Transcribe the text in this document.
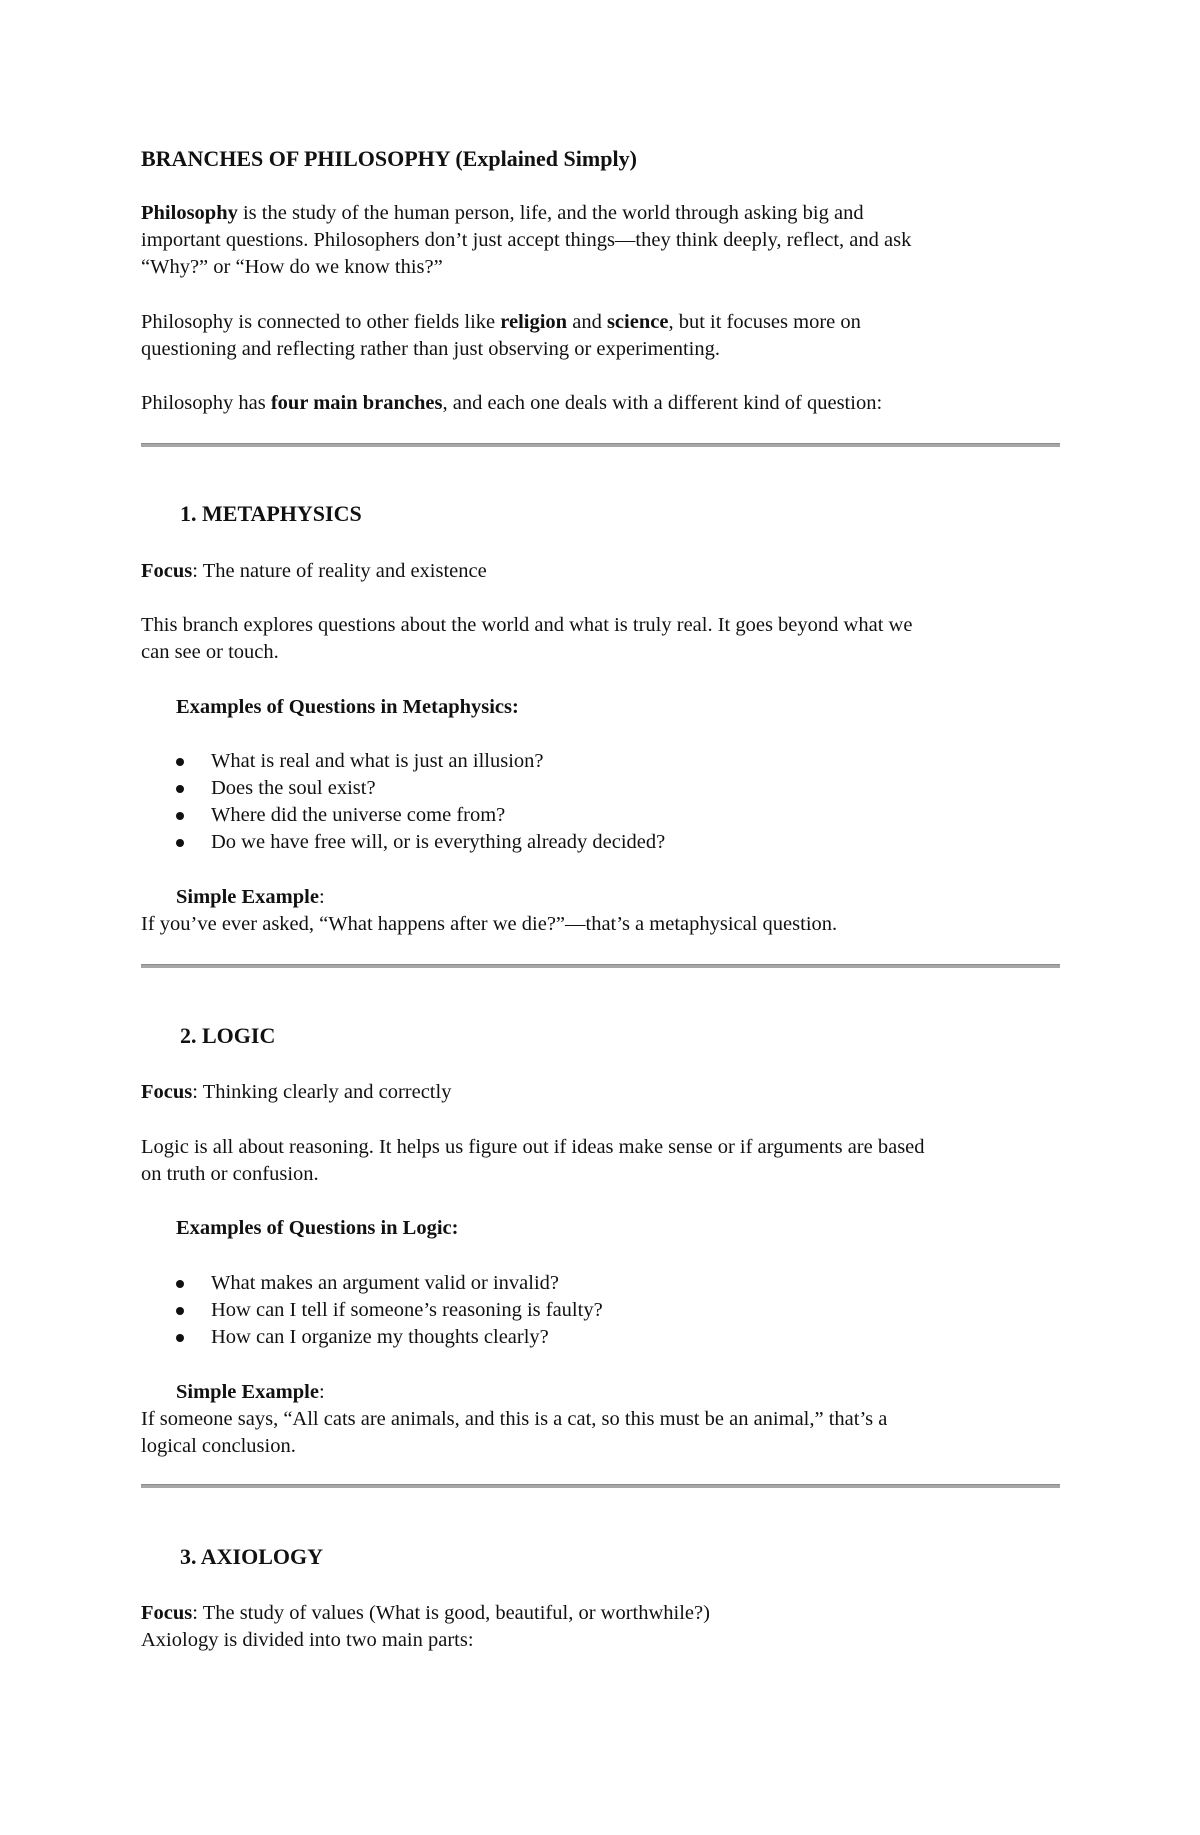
BRANCHES OF PHILOSOPHY (Explained Simply)
Philosophy is the study of the human person, life, and the world through asking big and
important questions. Philosophers don’t just accept things—they think deeply, reflect, and ask
“Why?” or “How do we know this?”
Philosophy is connected to other fields like religion and science, but it focuses more on
questioning and reflecting rather than just observing or experimenting.
Philosophy has four main branches, and each one deals with a different kind of question:
1. METAPHYSICS
Focus: The nature of reality and existence
This branch explores questions about the world and what is truly real. It goes beyond what we
can see or touch.
Examples of Questions in Metaphysics:
What is real and what is just an illusion?
Does the soul exist?
Where did the universe come from?
Do we have free will, or is everything already decided?
Simple Example:
If you’ve ever asked, “What happens after we die?”—that’s a metaphysical question.
2. LOGIC
Focus: Thinking clearly and correctly
Logic is all about reasoning. It helps us figure out if ideas make sense or if arguments are based
on truth or confusion.
Examples of Questions in Logic:
What makes an argument valid or invalid?
How can I tell if someone’s reasoning is faulty?
How can I organize my thoughts clearly?
Simple Example:
If someone says, “All cats are animals, and this is a cat, so this must be an animal,” that’s a
logical conclusion.
3. AXIOLOGY
Focus: The study of values (What is good, beautiful, or worthwhile?)
Axiology is divided into two main parts:
